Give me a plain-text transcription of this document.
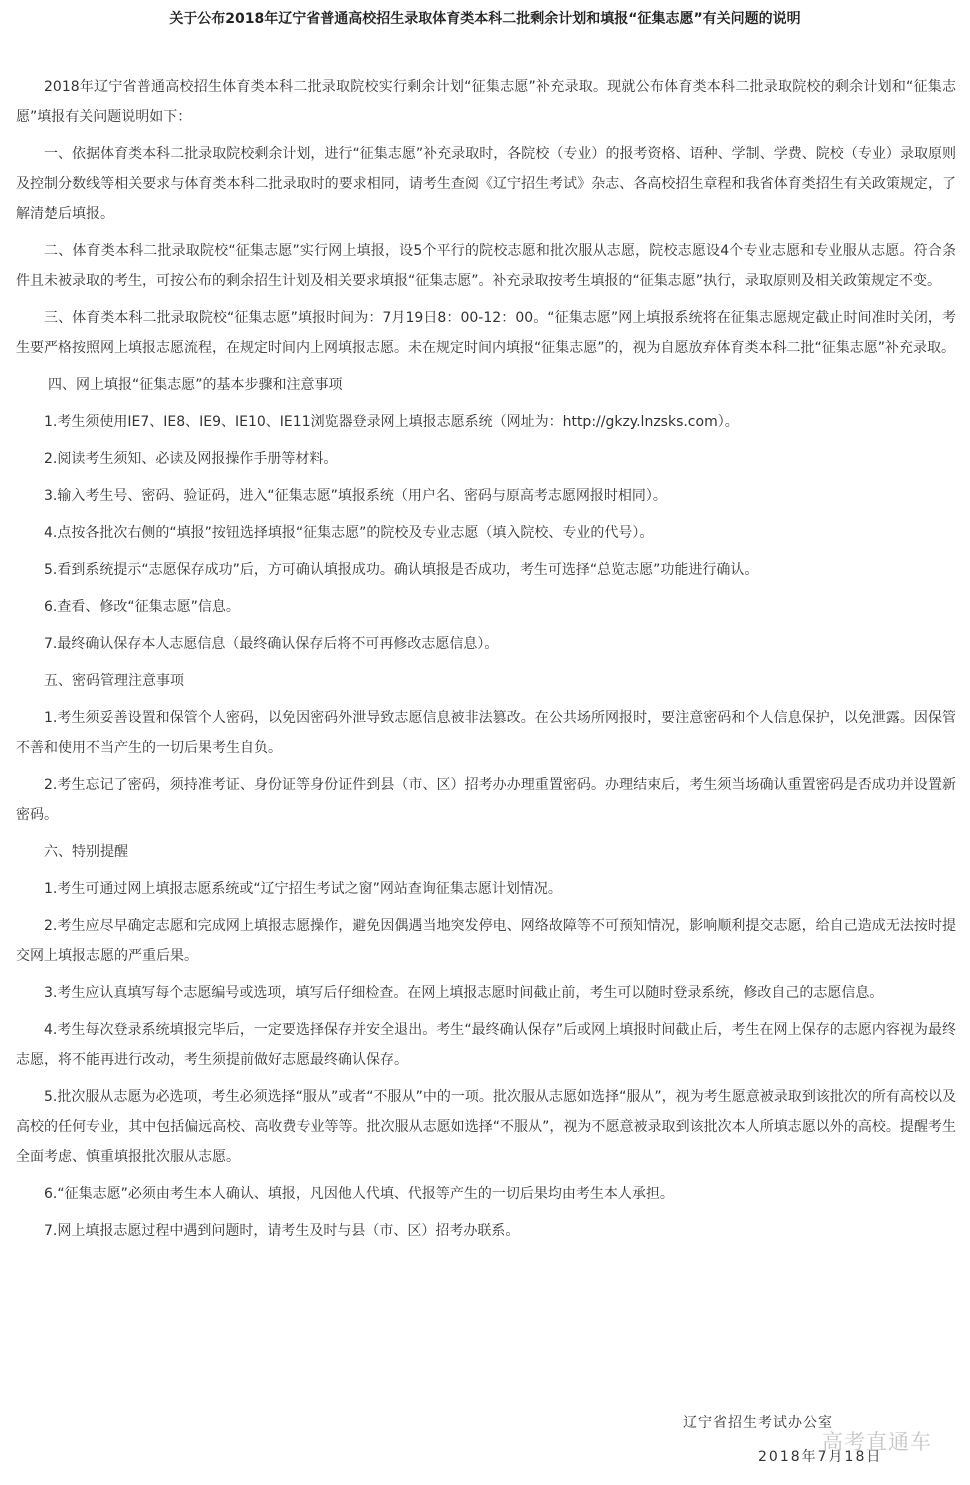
关于公布2018年辽宁省普通高校招生录取体育类本科二批剩余计划和填报“征集志愿”有关问题的说明

2018年辽宁省普通高校招生体育类本科二批录取院校实行剩余计划“征集志愿”补充录取。现就公布体育类本科二批录取院校的剩余计划和“征集志愿”填报有关问题说明如下：

一、依据体育类本科二批录取院校剩余计划，进行“征集志愿”补充录取时，各院校（专业）的报考资格、语种、学制、学费、院校（专业）录取原则及控制分数线等相关要求与体育类本科二批录取时的要求相同，请考生查阅《辽宁招生考试》杂志、各高校招生章程和我省体育类招生有关政策规定，了解清楚后填报。

二、体育类本科二批录取院校“征集志愿”实行网上填报，设5个平行的院校志愿和批次服从志愿，院校志愿设4个专业志愿和专业服从志愿。符合条件且未被录取的考生，可按公布的剩余招生计划及相关要求填报“征集志愿”。补充录取按考生填报的“征集志愿”执行，录取原则及相关政策规定不变。

三、体育类本科二批录取院校“征集志愿”填报时间为：7月19日8：00-12：00。“征集志愿”网上填报系统将在征集志愿规定截止时间准时关闭，考生要严格按照网上填报志愿流程，在规定时间内上网填报志愿。未在规定时间内填报“征集志愿”的，视为自愿放弃体育类本科二批“征集志愿”补充录取。

四、网上填报“征集志愿”的基本步骤和注意事项

1.考生须使用IE7、IE8、IE9、IE10、IE11浏览器登录网上填报志愿系统（网址为：http://gkzy.lnzsks.com）。

2.阅读考生须知、必读及网报操作手册等材料。

3.输入考生号、密码、验证码，进入“征集志愿”填报系统（用户名、密码与原高考志愿网报时相同）。

4.点按各批次右侧的“填报”按钮选择填报“征集志愿”的院校及专业志愿（填入院校、专业的代号）。

5.看到系统提示“志愿保存成功”后，方可确认填报成功。确认填报是否成功，考生可选择“总览志愿”功能进行确认。

6.查看、修改“征集志愿”信息。

7.最终确认保存本人志愿信息（最终确认保存后将不可再修改志愿信息）。

五、密码管理注意事项

1.考生须妥善设置和保管个人密码，以免因密码外泄导致志愿信息被非法篡改。在公共场所网报时，要注意密码和个人信息保护，以免泄露。因保管不善和使用不当产生的一切后果考生自负。

2.考生忘记了密码，须持准考证、身份证等身份证件到县（市、区）招考办办理重置密码。办理结束后，考生须当场确认重置密码是否成功并设置新密码。

六、特别提醒

1.考生可通过网上填报志愿系统或“辽宁招生考试之窗”网站查询征集志愿计划情况。

2.考生应尽早确定志愿和完成网上填报志愿操作，避免因偶遇当地突发停电、网络故障等不可预知情况，影响顺利提交志愿，给自己造成无法按时提交网上填报志愿的严重后果。

3.考生应认真填写每个志愿编号或选项，填写后仔细检查。在网上填报志愿时间截止前，考生可以随时登录系统，修改自己的志愿信息。

4.考生每次登录系统填报完毕后，一定要选择保存并安全退出。考生“最终确认保存”后或网上填报时间截止后，考生在网上保存的志愿内容视为最终志愿，将不能再进行改动，考生须提前做好志愿最终确认保存。

5.批次服从志愿为必选项，考生必须选择“服从”或者“不服从”中的一项。批次服从志愿如选择“服从”，视为考生愿意被录取到该批次的所有高校以及高校的任何专业，其中包括偏远高校、高收费专业等等。批次服从志愿如选择“不服从”，视为不愿意被录取到该批次本人所填志愿以外的高校。提醒考生全面考虑、慎重填报批次服从志愿。

6.“征集志愿”必须由考生本人确认、填报，凡因他人代填、代报等产生的一切后果均由考生本人承担。

7.网上填报志愿过程中遇到问题时，请考生及时与县（市、区）招考办联系。

辽宁省招生考试办公室
2018年7月18日
高考直通车
